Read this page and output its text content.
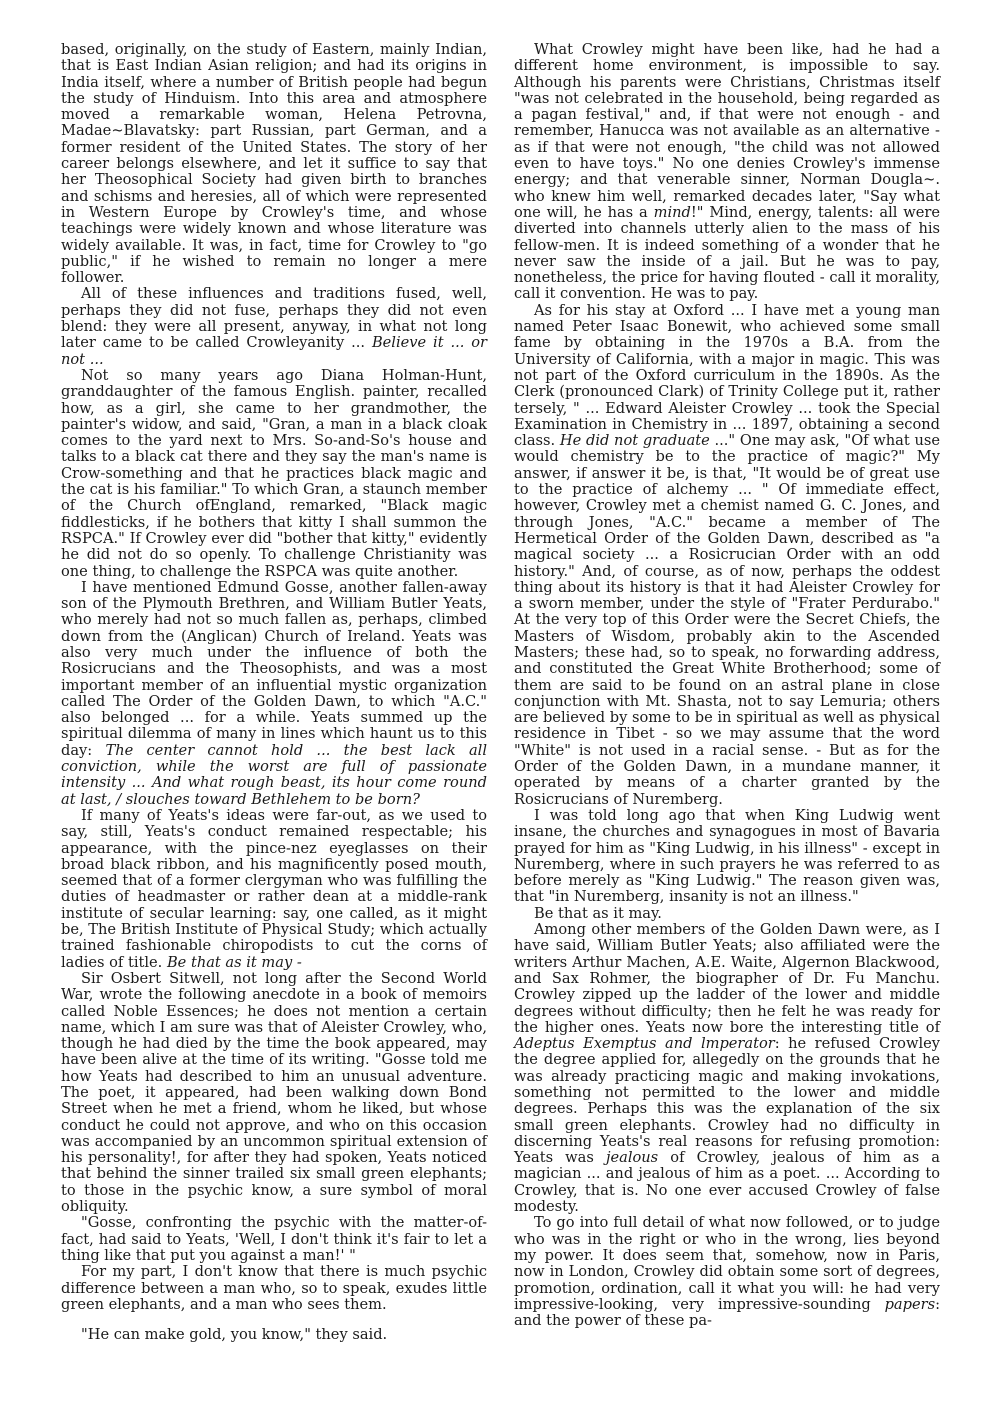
based, originally, on the study of Eastern, mainly Indian, that is East Indian Asian religion; and had its origins in India itself, where a number of British people had begun the study of Hinduism. Into this area and atmosphere moved a remarkable woman, Helena Petrovna, Madae~Blavatsky: part Russian, part German, and a former resident of the United States. The story of her career belongs elsewhere, and let it suffice to say that her Theosophical Society had given birth to branches and schisms and heresies, all of which were represented in Western Europe by Crowley's time, and whose teachings were widely known and whose literature was widely available. It was, in fact, time for Crowley to "go public," if he wished to remain no longer a mere follower.

All of these influences and traditions fused, well, perhaps they did not fuse, perhaps they did not even blend: they were all present, anyway, in what not long later came to be called Crowleyanity ... Believe it ... or not ...

Not so many years ago Diana Holman-Hunt, granddaughter of the famous English. painter, recalled how, as a girl, she came to her grandmother, the painter's widow, and said, "Gran, a man in a black cloak comes to the yard next to Mrs. So-and-So's house and talks to a black cat there and they say the man's name is Crow-something and that he practices black magic and the cat is his familiar." To which Gran, a staunch member of the Church ofEngland, remarked, "Black magic fiddlesticks, if he bothers that kitty I shall summon the RSPCA." If Crowley ever did "bother that kitty," evidently he did not do so openly. To challenge Christianity was one thing, to challenge the RSPCA was quite another.

I have mentioned Edmund Gosse, another fallen-away son of the Plymouth Brethren, and William Butler Yeats, who merely had not so much fallen as, perhaps, climbed down from the (Anglican) Church of Ireland. Yeats was also very much under the influence of both the Rosicrucians and the Theosophists, and was a most important member of an influential mystic organization called The Order of the Golden Dawn, to which "A.C." also belonged ... for a while. Yeats summed up the spiritual dilemma of many in lines which haunt us to this day: The center cannot hold ... the best lack all conviction, while the worst are full of passionate intensity ... And what rough beast, its hour come round at last, / slouches toward Bethlehem to be born?

If many of Yeats's ideas were far-out, as we used to say, still, Yeats's conduct remained respectable; his appearance, with the pince-nez eyeglasses on their broad black ribbon, and his magnificently posed mouth, seemed that of a former clergyman who was fulfilling the duties of headmaster or rather dean at a middle-rank institute of secular learning: say, one called, as it might be, The British Institute of Physical Study; which actually trained fashionable chiropodists to cut the corns of ladies of title. Be that as it may -

Sir Osbert Sitwell, not long after the Second World War, wrote the following anecdote in a book of memoirs called Noble Essences; he does not mention a certain name, which I am sure was that of Aleister Crowley, who, though he had died by the time the book appeared, may have been alive at the time of its writing. "Gosse told me how Yeats had described to him an unusual adventure. The poet, it appeared, had been walking down Bond Street when he met a friend, whom he liked, but whose conduct he could not approve, and who on this occasion was accompanied by an uncommon spiritual extension of his personality!, for after they had spoken, Yeats noticed that behind the sinner trailed six small green elephants; to those in the psychic know, a sure symbol of moral obliquity.

"Gosse, confronting the psychic with the matter-of-fact, had said to Yeats, 'Well, I don't think it's fair to let a thing like that put you against a man!' "

For my part, I don't know that there is much psychic difference between a man who, so to speak, exudes little green elephants, and a man who sees them.

"He can make gold, you know," they said.

What Crowley might have been like, had he had a different home environment, is impossible to say. Although his parents were Christians, Christmas itself "was not celebrated in the household, being regarded as a pagan festival," and, if that were not enough - and remember, Hanucca was not available as an alternative - as if that were not enough, "the child was not allowed even to have toys." No one denies Crowley's immense energy; and that venerable sinner, Norman Dougla~. who knew him well, remarked decades later, "Say what one will, he has a mind!" Mind, energy, talents: all were diverted into channels utterly alien to the mass of his fellow-men. It is indeed something of a wonder that he never saw the inside of a jail. But he was to pay, nonetheless, the price for having flouted - call it morality, call it convention. He was to pay.

As for his stay at Oxford ... I have met a young man named Peter Isaac Bonewit, who achieved some small fame by obtaining in the 1970s a B.A. from the University of California, with a major in magic. This was not part of the Oxford curriculum in the 1890s. As the Clerk (pronounced Clark) of Trinity College put it, rather tersely, " ... Edward Aleister Crowley ... took the Special Examination in Chemistry in ... 1897, obtaining a second class. He did not graduate ..." One may ask, "Of what use would chemistry be to the practice of magic?" My answer, if answer it be, is that, "It would be of great use to the practice of alchemy ... " Of immediate effect, however, Crowley met a chemist named G. C. Jones, and through Jones, "A.C." became a member of The Hermetical Order of the Golden Dawn, described as "a magical society ... a Rosicrucian Order with an odd history." And, of course, as of now, perhaps the oddest thing about its history is that it had Aleister Crowley for a sworn member, under the style of "Frater Perdurabo." At the very top of this Order were the Secret Chiefs, the Masters of Wisdom, probably akin to the Ascended Masters; these had, so to speak, no forwarding address, and constituted the Great White Brotherhood; some of them are said to be found on an astral plane in close conjunction with Mt. Shasta, not to say Lemuria; others are believed by some to be in spiritual as well as physical residence in Tibet - so we may assume that the word "White" is not used in a racial sense. - But as for the Order of the Golden Dawn, in a mundane manner, it operated by means of a charter granted by the Rosicrucians of Nuremberg.

I was told long ago that when King Ludwig went insane, the churches and synagogues in most of Bavaria prayed for him as "King Ludwig, in his illness" - except in Nuremberg, where in such prayers he was referred to as before merely as "King Ludwig." The reason given was, that "in Nuremberg, insanity is not an illness."

Be that as it may.

Among other members of the Golden Dawn were, as I have said, William Butler Yeats; also affiliated were the writers Arthur Machen, A.E. Waite, Algernon Blackwood, and Sax Rohmer, the biographer of Dr. Fu Manchu. Crowley zipped up the ladder of the lower and middle degrees without difficulty; then he felt he was ready for the higher ones. Yeats now bore the interesting title of Adeptus Exemptus and lmperator: he refused Crowley the degree applied for, allegedly on the grounds that he was already practicing magic and making invokations, something not permitted to the lower and middle degrees. Perhaps this was the explanation of the six small green elephants. Crowley had no difficulty in discerning Yeats's real reasons for refusing promotion: Yeats was jealous of Crowley, jealous of him as a magician ... and jealous of him as a poet. ... According to Crowley, that is. No one ever accused Crowley of false modesty.

To go into full detail of what now followed, or to judge who was in the right or who in the wrong, lies beyond my power. It does seem that, somehow, now in Paris, now in London, Crowley did obtain some sort of degrees, promotion, ordination, call it what you will: he had very impressive-looking, very impressive-sounding papers: and the power of these pa-
